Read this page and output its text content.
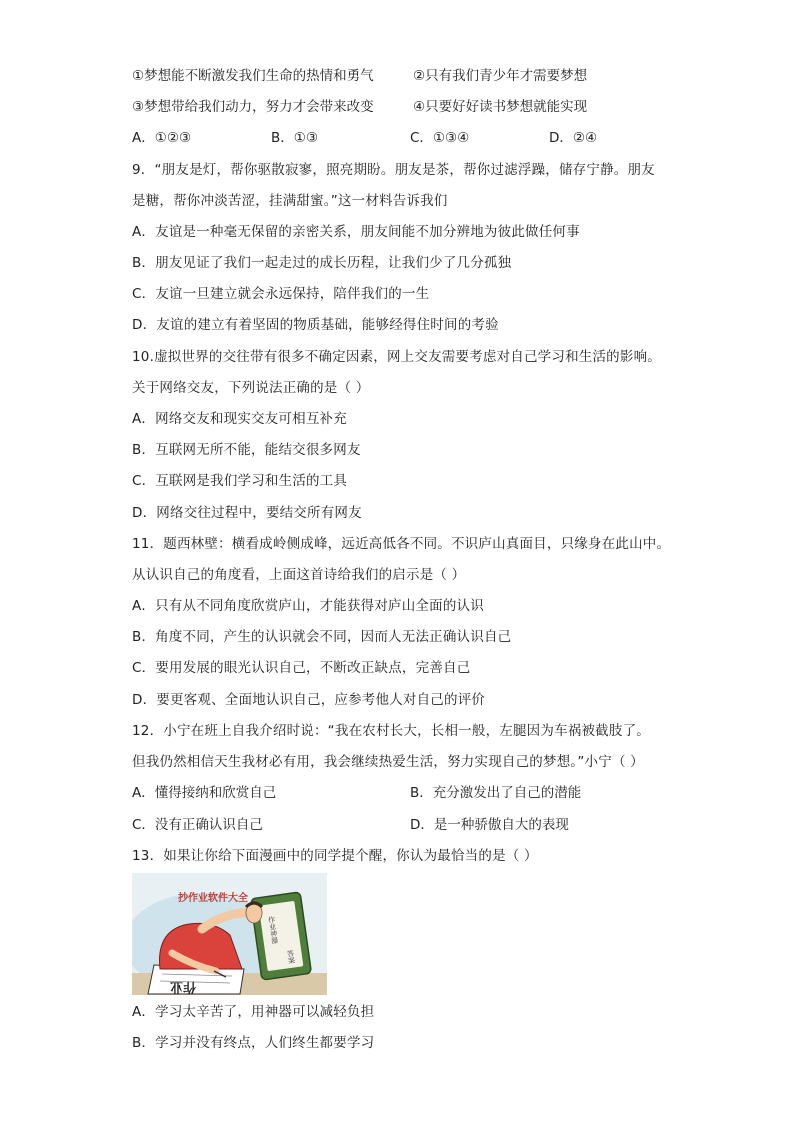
①梦想能不断激发我们生命的热情和勇气	②只有我们青少年才需要梦想
③梦想带给我们动力，努力才会带来改变	④只要好好读书梦想就能实现
A．①②③	B．①③	C．①③④	D．②④
9．“朋友是灯，帮你驱散寂寥，照亮期盼。朋友是茶，帮你过滤浮躁，储存宁静。朋友
是糖，帮你冲淡苦涩，挂满甜蜜。”这一材料告诉我们
A．友谊是一种毫无保留的亲密关系，朋友间能不加分辨地为彼此做任何事
B．朋友见证了我们一起走过的成长历程，让我们少了几分孤独
C．友谊一旦建立就会永远保持，陪伴我们的一生
D．友谊的建立有着坚固的物质基础，能够经得住时间的考验
10.虚拟世界的交往带有很多不确定因素，网上交友需要考虑对自己学习和生活的影响。
关于网络交友，下列说法正确的是（ ）
A．网络交友和现实交友可相互补充
B．互联网无所不能，能结交很多网友
C．互联网是我们学习和生活的工具
D．网络交往过程中，要结交所有网友
11．题西林壁：横看成岭侧成峰，远近高低各不同。不识庐山真面目，只缘身在此山中。
从认识自己的角度看，上面这首诗给我们的启示是（ ）
A．只有从不同角度欣赏庐山，才能获得对庐山全面的认识
B．角度不同，产生的认识就会不同，因而人无法正确认识自己
C．要用发展的眼光认识自己，不断改正缺点，完善自己
D．要更客观、全面地认识自己，应参考他人对自己的评价
12．小宁在班上自我介绍时说：“我在农村长大，长相一般，左腿因为车祸被截肢了。
但我仍然相信天生我材必有用，我会继续热爱生活，努力实现自己的梦想。”小宁（ ）
A．懂得接纳和欣赏自己	B．充分激发出了自己的潜能
C．没有正确认识自己	D．是一种骄傲自大的表现
13．如果让你给下面漫画中的同学提个醒，你认为最恰当的是（ ）
作业
抄作业软件大全
作业神器
答案
A．学习太辛苦了，用神器可以减轻负担
B．学习并没有终点，人们终生都要学习
